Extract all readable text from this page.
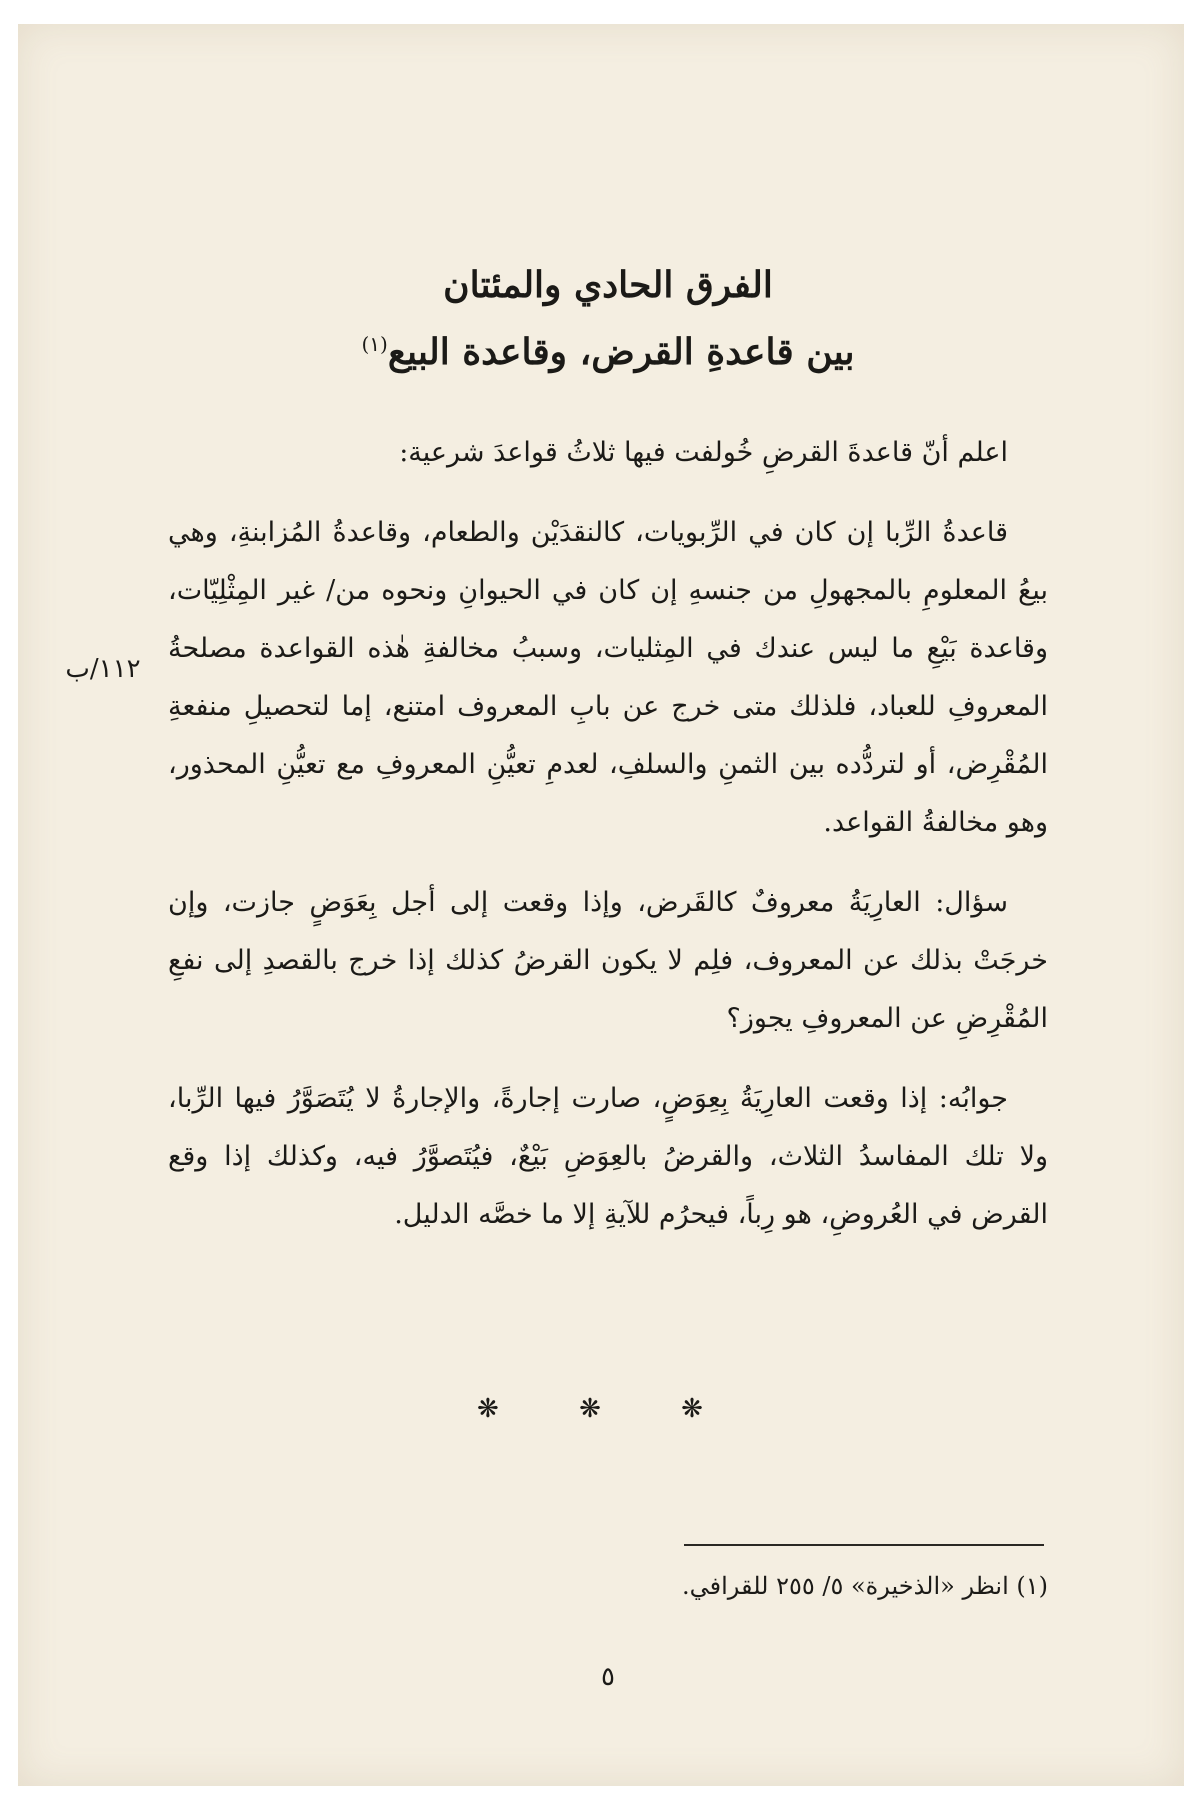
الفرق الحادي والمئتان
بين قاعدةِ القرض، وقاعدة البيع$^{(١)}$
١١٢/ب

اعلم أنّ قاعدةَ القرضِ خُولفت فيها ثلاثُ قواعدَ شرعية:

قاعدةُ الرِّبا إن كان في الرِّبويات، كالنقدَيْن والطعام، وقاعدةُ المُزابنةِ، وهي بيعُ المعلومِ بالمجهولِ من جنسهِ إن كان في الحيوانِ ونحوه من/ غير المِثْلِيّات، وقاعدة بَيْعِ ما ليس عندك في المِثليات، وسببُ مخالفةِ هٰذه القواعدة مصلحةُ المعروفِ للعباد، فلذلك متى خرج عن بابِ المعروف امتنع، إما لتحصيلِ منفعةِ المُقْرِض، أو لتردُّده بين الثمنِ والسلفِ، لعدمِ تعيُّنِ المعروفِ مع تعيُّنِ المحذور، وهو مخالفةُ القواعد.

سؤال: العارِيَةُ معروفٌ كالقَرض، وإذا وقعت إلى أجل بِعَوَضٍ جازت، وإن خرجَتْ بذلك عن المعروف، فلِم لا يكون القرضُ كذلك إذا خرج بالقصدِ إلى نفعِ المُقْرِضِ عن المعروفِ يجوز؟

جوابُه: إذا وقعت العارِيَةُ بِعِوَضٍ، صارت إجارةً، والإجارةُ لا يُتَصَوَّرُ فيها الرِّبا، ولا تلك المفاسدُ الثلاث، والقرضُ بالعِوَضِ بَيْعٌ، فيُتَصوَّرُ فيه، وكذلك إذا وقع القرض في العُروضِ، هو رِباً، فيحرُم للآيةِ إلا ما خصَّه الدليل.

❋ ❋ ❋
(١) انظر «الذخيرة» ٥/ ٢٥٥ للقرافي.
٥
